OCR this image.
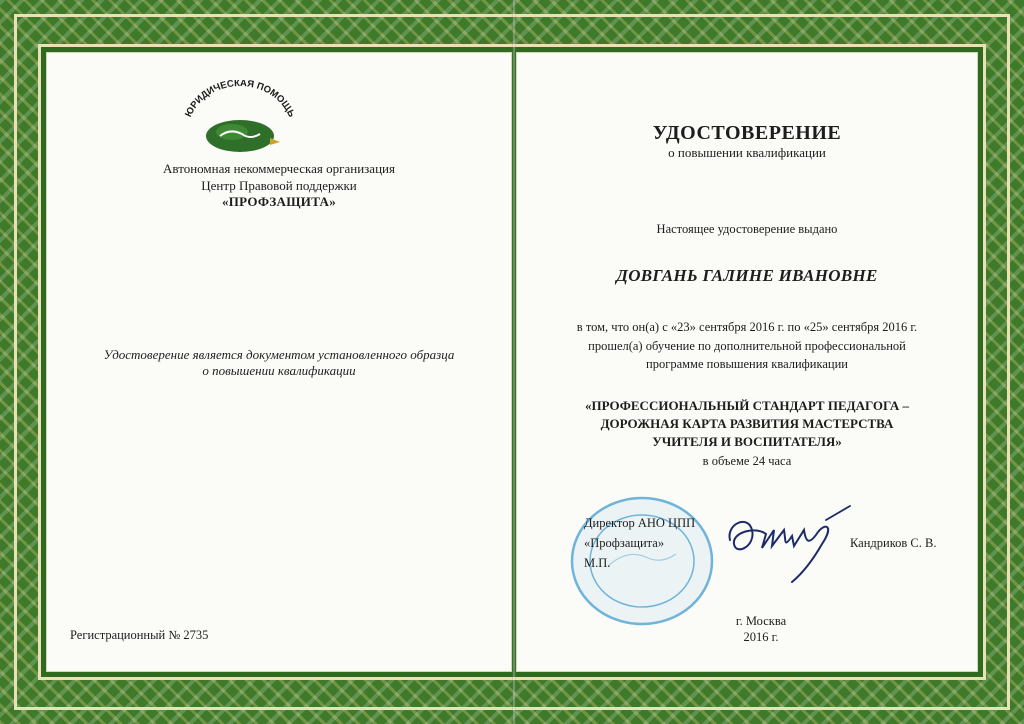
ЮРИДИЧЕСКАЯ ПОМОЩЬ
Автономная некоммерческая организация
Центр Правовой поддержки
«ПРОФЗАЩИТА»
Удостоверение является документом установленного образца
о повышении квалификации
Регистрационный № 2735
УДОСТОВЕРЕНИЕ
о повышении квалификации
Настоящее удостоверение выдано
ДОВГАНЬ ГАЛИНЕ ИВАНОВНЕ
в том, что он(а) с «23» сентября 2016 г. по «25» сентября 2016 г.
прошел(а) обучение по дополнительной профессиональной
программе повышения квалификации
«ПРОФЕССИОНАЛЬНЫЙ СТАНДАРТ ПЕДАГОГА –
ДОРОЖНАЯ КАРТА РАЗВИТИЯ МАСТЕРСТВА
УЧИТЕЛЯ И ВОСПИТАТЕЛЯ»
в объеме 24 часа
Директор АНО ЦПП
«Профзащита»
М.П.
Кандриков С. В.
г. Москва
2016 г.
